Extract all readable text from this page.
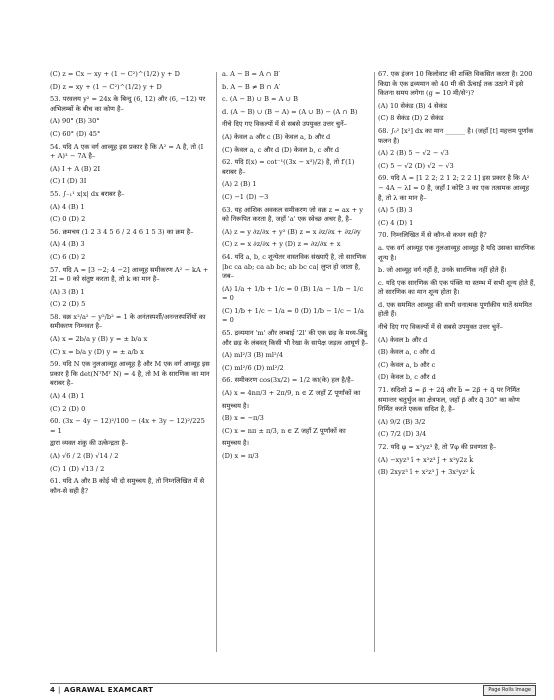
(C) z = Cx − xy + (1 − C²)^(1/2) y + D
(D) z = xy + (1 − C²)^(1/2) y + D
53. परवलय y² = 24x के बिन्दु (6, 12) और (6, −12) पर अभिलम्बों के बीच का कोण है–
(A) 90° (B) 30°
(C) 60° (D) 45°
54. यदि A एक वर्ग आव्यूह इस प्रकार है कि A² = A है, तो (I + A)³ − 7A है–
(A) I + A (B) 2I
(C) I (D) 3I
55. ∫₋₁¹ x|x| dx बराबर है–
(A) 4 (B) 1
(C) 0 (D) 2
56. क्रमचय (1 2 3 4 5 6 / 2 4 6 1 5 3) का क्रम है–
(A) 4 (B) 3
(C) 6 (D) 2
57. यदि A = [3 −2; 4 −2] आव्यूह समीकरण A² − kA + 2I = 0 को संतुष्ट करता है, तो k का मान है–
(A) 3 (B) 1
(C) 2 (D) 5
58. वक्र x²/a² − y²/b² = 1 के अनंतस्पर्शी/अनन्तस्पर्शियों का समीकरण निम्नवत है–
(A) x = 2b/a y (B) y = ± b/a x
(C) x = b/a y (D) y = ± a/b x
59. यदि N एक नुलआव्यूह आव्यूह है और M एक वर्ग आव्यूह इस प्रकार है कि det(NᵀMᵀ N) = 4 है, तो M के सारणिक का मान बराबर है–
(A) 4 (B) 1
(C) 2 (D) 0
60. (3x − 4y − 12)²/100 − (4x + 3y − 12)²/225 = 1
द्वारा व्यक्त शंकु की उत्केन्द्रता है–
(A) √6 / 2 (B) √14 / 2
(C) 1 (D) √13 / 2
61. यदि A और B कोई भी दो समुच्चय है, तो निम्नलिखित में से कौन-से सही है?
a. A − B = A ∩ B′
b. A − B ≠ B ∩ A′
c. (A − B) ∪ B = A ∪ B
d. (A − B) ∪ (B − A) = (A ∪ B) − (A ∩ B)
नीचे दिए गए विकल्पों में से सबसे उपयुक्त उत्तर चुनें–
(A) केवल a और c (B) केवल a, b और d
(C) केवल a, c और d (D) केवल b, c और d
62. यदि f(x) = cot⁻¹((3x − x³)/2) है, तो f′(1) बराबर है–
(A) 2 (B) 1
(C) −1 (D) −3
63. यह आंशिक अवकल समीकरण जो वक्र z = ax + y को निरूपित करता है, जहाँ 'a' एक स्वेच्छ अचर है, है–
(A) z = y ∂z/∂x + y² (B) z = x ∂z/∂x + ∂z/∂y
(C) z = x ∂z/∂x + y (D) z = ∂z/∂x + x
64. यदि a, b, c शून्येतर वास्तविक संख्याएँ है, तो सारणिक |bc ca ab; ca ab bc; ab bc ca| लुप्त हो जाता है, जब–
(A) 1/a + 1/b + 1/c = 0 (B) 1/a − 1/b − 1/c = 0
(C) 1/b + 1/c − 1/a = 0 (D) 1/b − 1/c − 1/a = 0
65. द्रव्यमान 'm' और लम्बाई '2l' की एक छड़ के मध्य-बिंदु और छड़ के लंबवत् किसी भी रेखा के सापेक्ष जड़त्व आघूर्ण है–
(A) ml²/3 (B) ml²/4
(C) ml²/6 (D) ml²/2
66. समीकरण cos(3x/2) = 1/2 का(के) हल है/है–
(A) x = 4nπ/3 + 2π/9, n ∈ Z जहाँ Z पूर्णांकों का
समुच्चय है।
(B) x = −π/3
(C) x = nπ ± π/3, n ∈ Z जहाँ Z पूर्णांकों का
समुच्चय है।
(D) x = π/3
67. एक इंजन 10 किलोवाट की शक्ति विकसित करता है। 200 किग्रा के एक द्रव्यमान को 40 मी की ऊँचाई तक उठाने में इसे कितना समय लगेगा (g = 10 मी/से²)?
(A) 10 सेकंड (B) 4 सेकंड
(C) 8 सेकंड (D) 2 सेकंड
68. ∫₀² [x²] dx का मान ______ है। (जहाँ [t] महत्तम पूर्णांक फलन है)
(A) 2 (B) 5 − √2 − √3
(C) 5 − √2 (D) √2 − √3
69. यदि A = [1 2 2; 2 1 2; 2 2 1] इस प्रकार है कि A² − 4A − λI = 0 है, जहाँ I कोटि 3 का एक तत्समक आव्यूह है, तो λ का मान है–
(A) 5 (B) 3
(C) 4 (D) 1
70. निम्नलिखित में से कौन-से कथन सही है?
a. एक वर्ग आव्यूह एक नुलआव्यूह आव्यूह है यदि उसका सारणिक शून्य है।
b. जो आव्यूह वर्ग नहीं है, उनके सारणिक नहीं होते हैं।
c. यदि एक सारणिक की एक पंक्ति या स्तम्भ में सभी शून्य होते हैं, तो सारणिक का मान शून्य होता है।
d. एक सममित आव्यूह की सभी धनात्मक पूर्णांकीय घातें सममित होती हैं।
नीचे दिए गए विकल्पों में से सबसे उपयुक्त उत्तर चुनें–
(A) केवल b और d
(B) केवल a, c और d
(C) केवल a, b और c
(D) केवल b, c और d
71. सदिशो a⃗ = p⃗ + 2q⃗ और b⃗ = 2p⃗ + q⃗ पर निर्मित समान्तर चतुर्भुज का क्षेत्रफल, जहाँ p⃗ और q⃗ 30° का कोण निर्मित करते एकक सदिश है, है–
(A) 9/2 (B) 3/2
(C) 7/2 (D) 3/4
72. यदि φ = x²yz³ है, तो ∇φ की प्रवणता है–
(A) −xyz³ î + x²z³ ĵ + x²y2z k̂
(B) 2xyz³ î + x²z³ ĵ + 3x²yz² k̂
4 | AGRAWAL EXAMCART	Page Rolls Image
